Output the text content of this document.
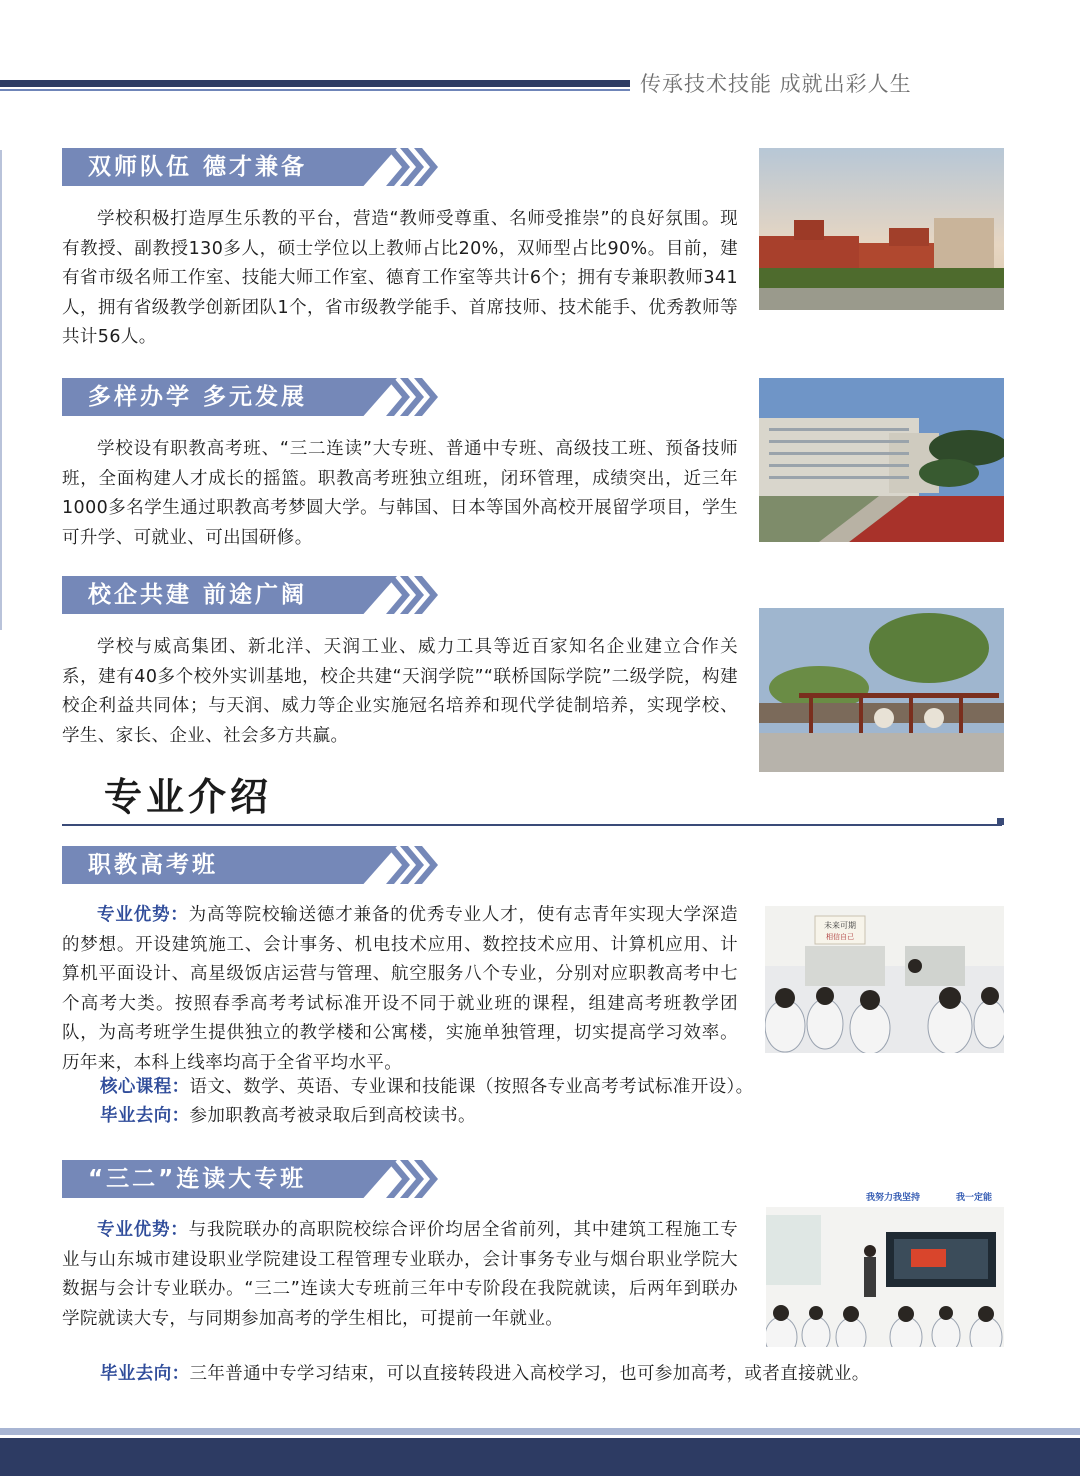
传承技术技能 成就出彩人生
双师队伍 德才兼备
学校积极打造厚生乐教的平台，营造“教师受尊重、名师受推崇”的良好氛围。现有教授、副教授130多人，硕士学位以上教师占比20%，双师型占比90%。目前，建有省市级名师工作室、技能大师工作室、德育工作室等共计6个；拥有专兼职教师341人，拥有省级教学创新团队1个，省市级教学能手、首席技师、技术能手、优秀教师等共计56人。
多样办学 多元发展
学校设有职教高考班、“三二连读”大专班、普通中专班、高级技工班、预备技师班，全面构建人才成长的摇篮。职教高考班独立组班，闭环管理，成绩突出，近三年1000多名学生通过职教高考梦圆大学。与韩国、日本等国外高校开展留学项目，学生可升学、可就业、可出国研修。
校企共建 前途广阔
学校与威高集团、新北洋、天润工业、威力工具等近百家知名企业建立合作关系，建有40多个校外实训基地，校企共建“天润学院”“联桥国际学院”二级学院，构建校企利益共同体；与天润、威力等企业实施冠名培养和现代学徒制培养，实现学校、学生、家长、企业、社会多方共赢。
专业介绍
职教高考班
专业优势：为高等院校输送德才兼备的优秀专业人才，使有志青年实现大学深造的梦想。开设建筑施工、会计事务、机电技术应用、数控技术应用、计算机应用、计算机平面设计、高星级饭店运营与管理、航空服务八个专业，分别对应职教高考中七个高考大类。按照春季高考考试标准开设不同于就业班的课程，组建高考班教学团队，为高考班学生提供独立的教学楼和公寓楼，实施单独管理，切实提高学习效率。历年来，本科上线率均高于全省平均水平。
核心课程：语文、数学、英语、专业课和技能课（按照各专业高考考试标准开设）。
毕业去向：参加职教高考被录取后到高校读书。
未来可期
相信自己
“三二”连读大专班
专业优势：与我院联办的高职院校综合评价均居全省前列，其中建筑工程施工专业与山东城市建设职业学院建设工程管理专业联办，会计事务专业与烟台职业学院大数据与会计专业联办。“三二”连读大专班前三年中专阶段在我院就读，后两年到联办学院就读大专，与同期参加高考的学生相比，可提前一年就业。
毕业去向：三年普通中专学习结束，可以直接转段进入高校学习，也可参加高考，或者直接就业。
我努力我坚持	我一定能
